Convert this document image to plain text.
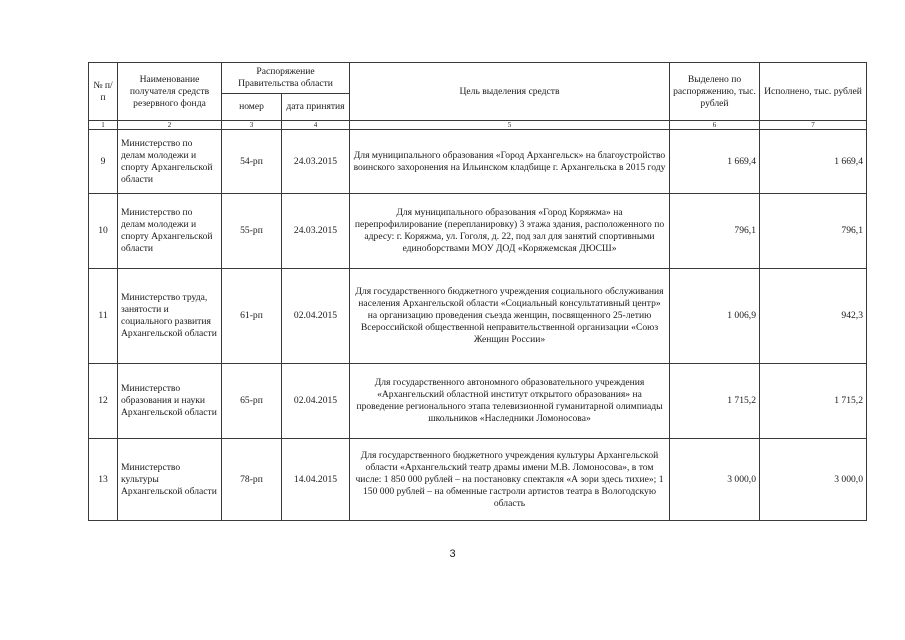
№ п/п	Наименование получателя средств резервного фонда	Распоряжение Правительства области		Цель выделения средств	Выделено по распоряжению, тыс. рублей	Исполнено, тыс. рублей
		номер	дата принятия			
1	2	3	4	5	6	7
9	Министерство по делам молодежи и спорту Архангельской области	54-рп	24.03.2015	Для муниципального образования «Город Архангельск» на благоустройство воинского захоронения на Ильинском кладбище г. Архангельска в 2015 году	1 669,4	1 669,4
10	Министерство по делам молодежи и спорту Архангельской области	55-рп	24.03.2015	Для муниципального образования «Город Коряжма» на перепрофилирование (перепланировку) 3 этажа здания, расположенного по адресу: г. Коряжма, ул. Гоголя, д. 22, под зал для занятий спортивными единоборствами МОУ ДОД «Коряжемская ДЮСШ»	796,1	796,1
11	Министерство труда, занятости и социального развития Архангельской области	61-рп	02.04.2015	Для государственного бюджетного учреждения социального обслуживания населения Архангельской области «Социальный консультативный центр» на организацию проведения съезда женщин, посвященного 25-летию Всероссийской общественной неправительственной организации «Союз Женщин России»	1 006,9	942,3
12	Министерство образования и науки Архангельской области	65-рп	02.04.2015	Для государственного автономного образовательного учреждения «Архангельский областной институт открытого образования» на проведение регионального этапа телевизионной гуманитарной олимпиады школьников «Наследники Ломоносова»	1 715,2	1 715,2
13	Министерство культуры Архангельской области	78-рп	14.04.2015	Для государственного бюджетного учреждения культуры Архангельской области «Архангельский театр драмы имени М.В. Ломоносова», в том числе: 1 850 000 рублей – на постановку спектакля «А зори здесь тихие»; 1 150 000 рублей – на обменные гастроли артистов театра в Вологодскую область	3 000,0	3 000,0
3
